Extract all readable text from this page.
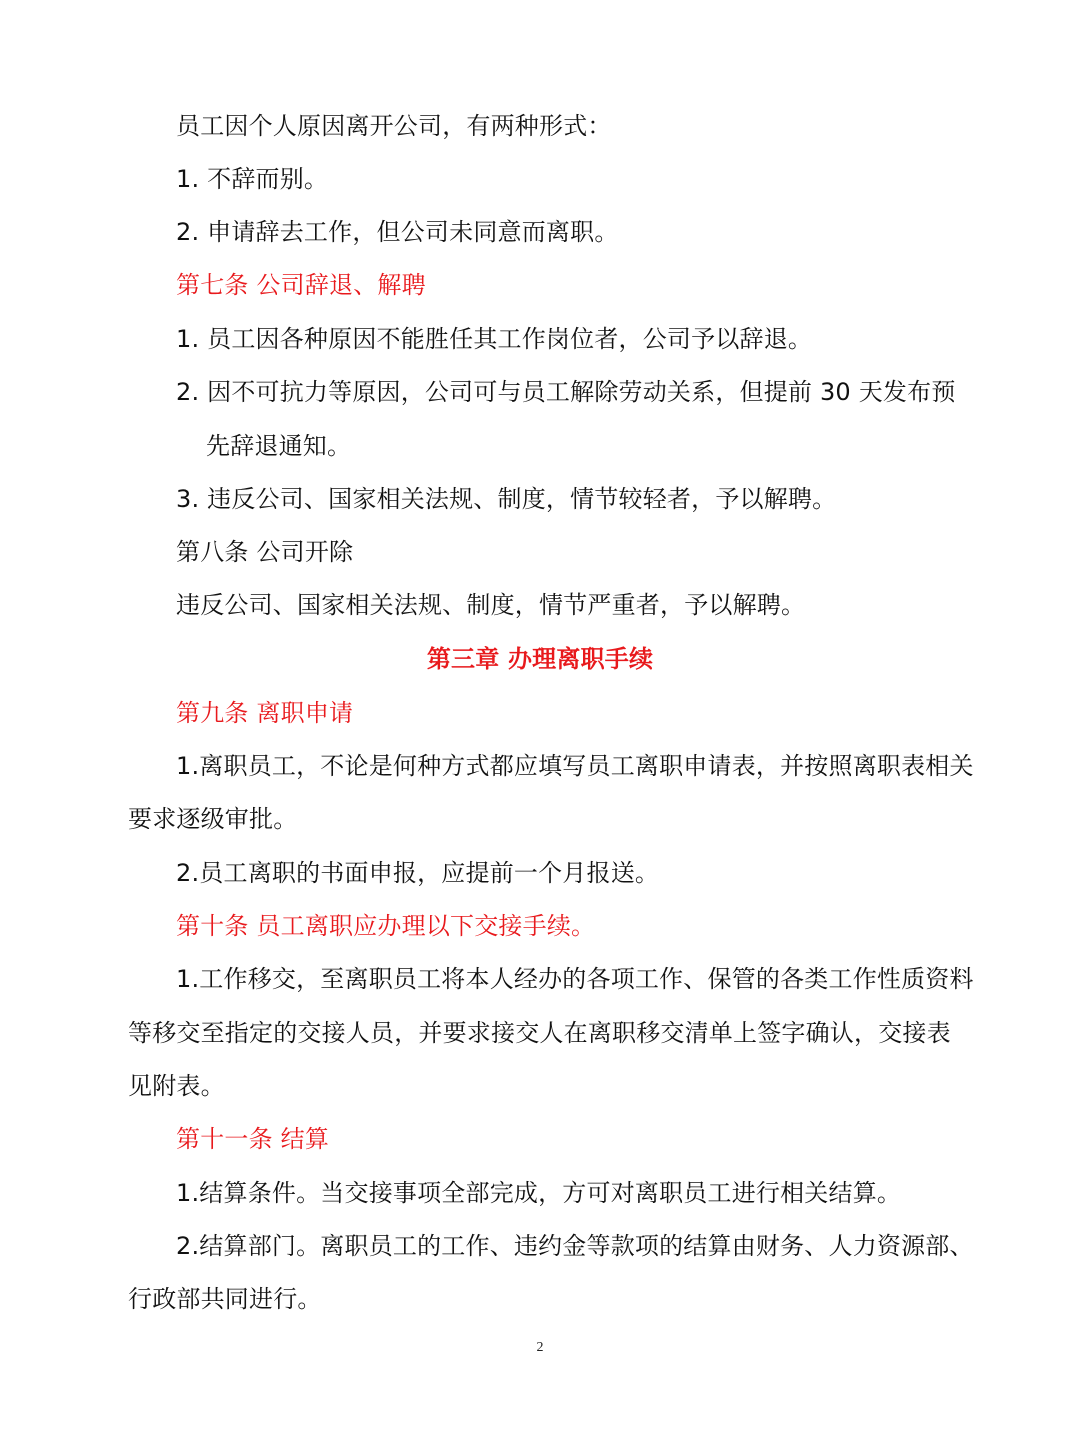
员工因个人原因离开公司，有两种形式：
1. 不辞而别。
2. 申请辞去工作，但公司未同意而离职。
第七条 公司辞退、解聘
1. 员工因各种原因不能胜任其工作岗位者，公司予以辞退。
2. 因不可抗力等原因，公司可与员工解除劳动关系，但提前 30 天发布预
先辞退通知。
3. 违反公司、国家相关法规、制度，情节较轻者，予以解聘。
第八条 公司开除
违反公司、国家相关法规、制度，情节严重者，予以解聘。
第三章 办理离职手续
第九条 离职申请
1.离职员工，不论是何种方式都应填写员工离职申请表，并按照离职表相关
要求逐级审批。
2.员工离职的书面申报，应提前一个月报送。
第十条 员工离职应办理以下交接手续。
1.工作移交，至离职员工将本人经办的各项工作、保管的各类工作性质资料
等移交至指定的交接人员，并要求接交人在离职移交清单上签字确认，交接表
见附表。
第十一条 结算
1.结算条件。当交接事项全部完成，方可对离职员工进行相关结算。
2.结算部门。离职员工的工作、违约金等款项的结算由财务、人力资源部、
行政部共同进行。
2
